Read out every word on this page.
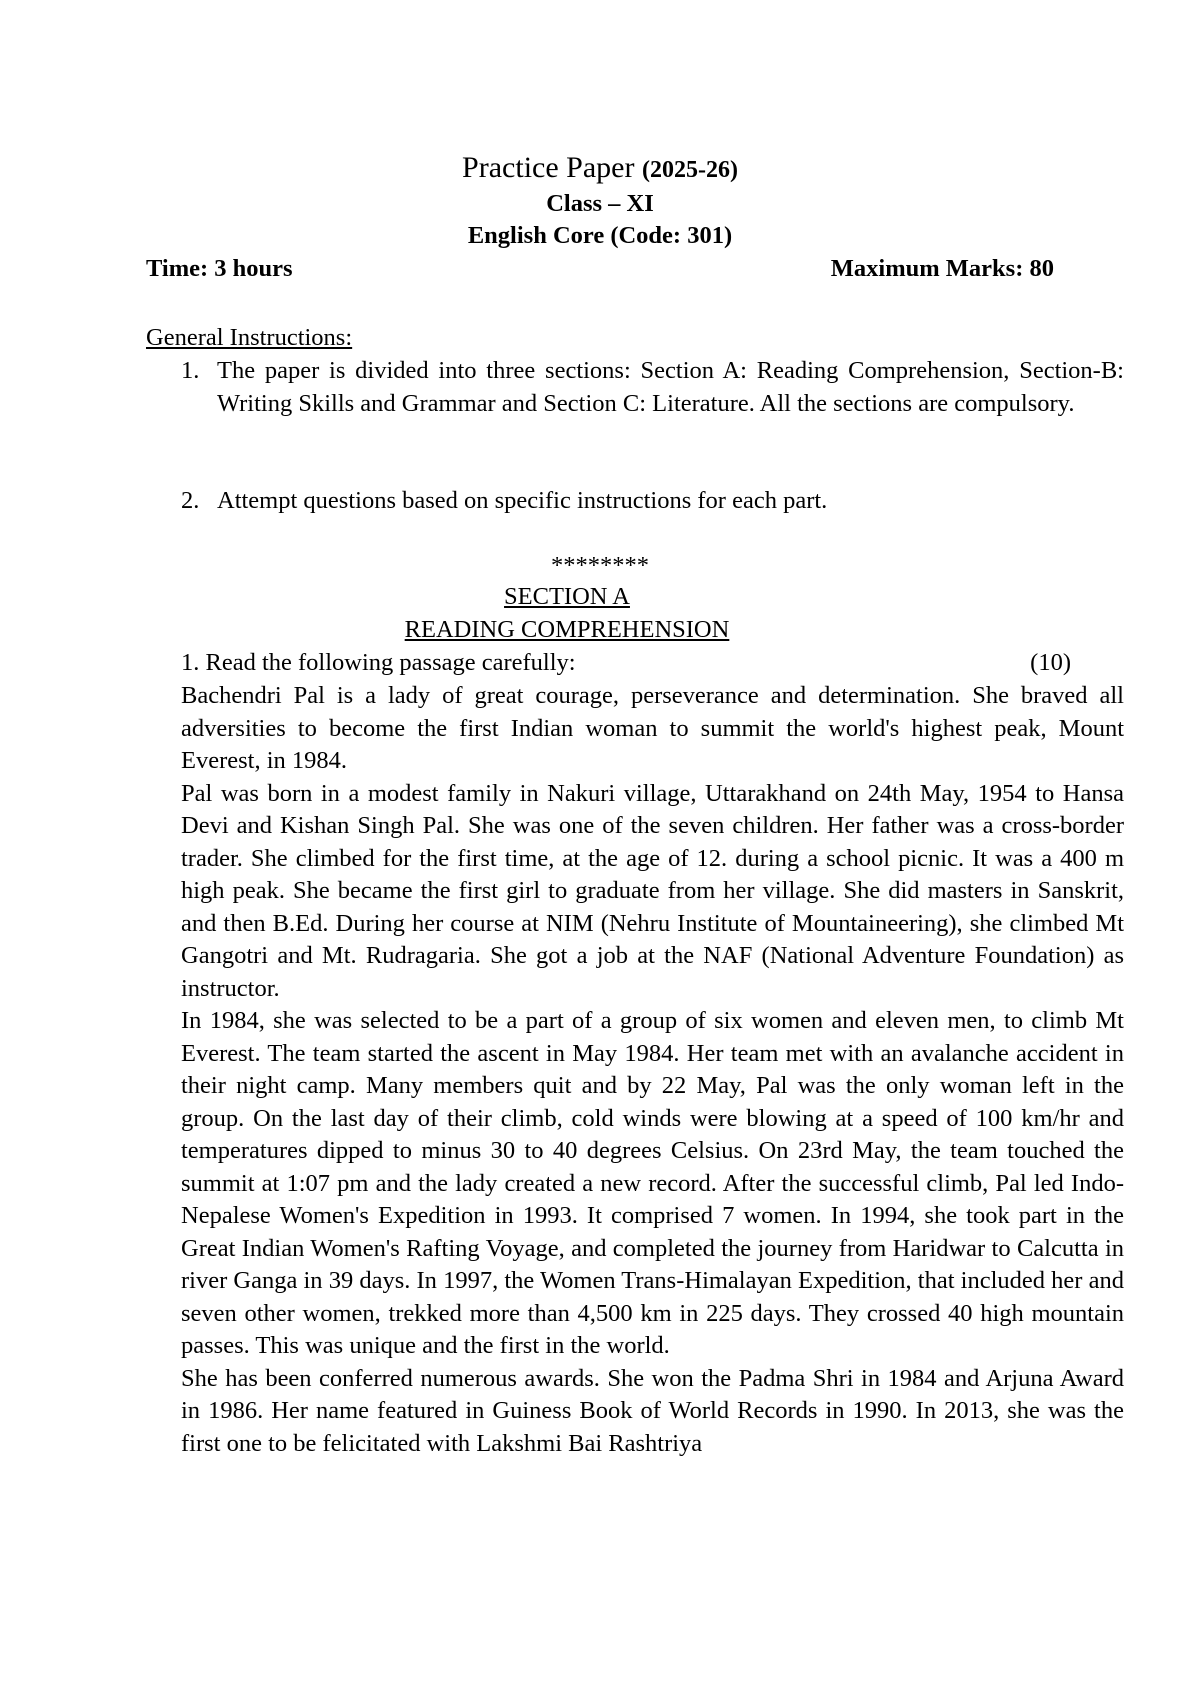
Practice Paper (2025-26)
Class – XI
English Core (Code: 301)
Time: 3 hours	Maximum Marks: 80
General Instructions:
1. The paper is divided into three sections: Section A: Reading Comprehension, Section-B: Writing Skills and Grammar and Section C: Literature. All the sections are compulsory.
2. Attempt questions based on specific instructions for each part.
********
SECTION A
READING COMPREHENSION
1. Read the following passage carefully:	(10)

Bachendri Pal is a lady of great courage, perseverance and determination. She braved all adversities to become the first Indian woman to summit the world's highest peak, Mount Everest, in 1984.

Pal was born in a modest family in Nakuri village, Uttarakhand on 24th May, 1954 to Hansa Devi and Kishan Singh Pal. She was one of the seven children. Her father was a cross-border trader. She climbed for the first time, at the age of 12. during a school picnic. It was a 400 m high peak. She became the first girl to graduate from her village. She did masters in Sanskrit, and then B.Ed. During her course at NIM (Nehru Institute of Mountaineering), she climbed Mt Gangotri and Mt. Rudragaria. She got a job at the NAF (National Adventure Foundation) as instructor.

In 1984, she was selected to be a part of a group of six women and eleven men, to climb Mt Everest. The team started the ascent in May 1984. Her team met with an avalanche accident in their night camp. Many members quit and by 22 May, Pal was the only woman left in the group. On the last day of their climb, cold winds were blowing at a speed of 100 km/hr and temperatures dipped to minus 30 to 40 degrees Celsius. On 23rd May, the team touched the summit at 1:07 pm and the lady created a new record. After the successful climb, Pal led Indo-Nepalese Women's Expedition in 1993. It comprised 7 women. In 1994, she took part in the Great Indian Women's Rafting Voyage, and completed the journey from Haridwar to Calcutta in river Ganga in 39 days. In 1997, the Women Trans-Himalayan Expedition, that included her and seven other women, trekked more than 4,500 km in 225 days. They crossed 40 high mountain passes. This was unique and the first in the world.

She has been conferred numerous awards. She won the Padma Shri in 1984 and Arjuna Award in 1986. Her name featured in Guiness Book of World Records in 1990. In 2013, she was the first one to be felicitated with Lakshmi Bai Rashtriya
